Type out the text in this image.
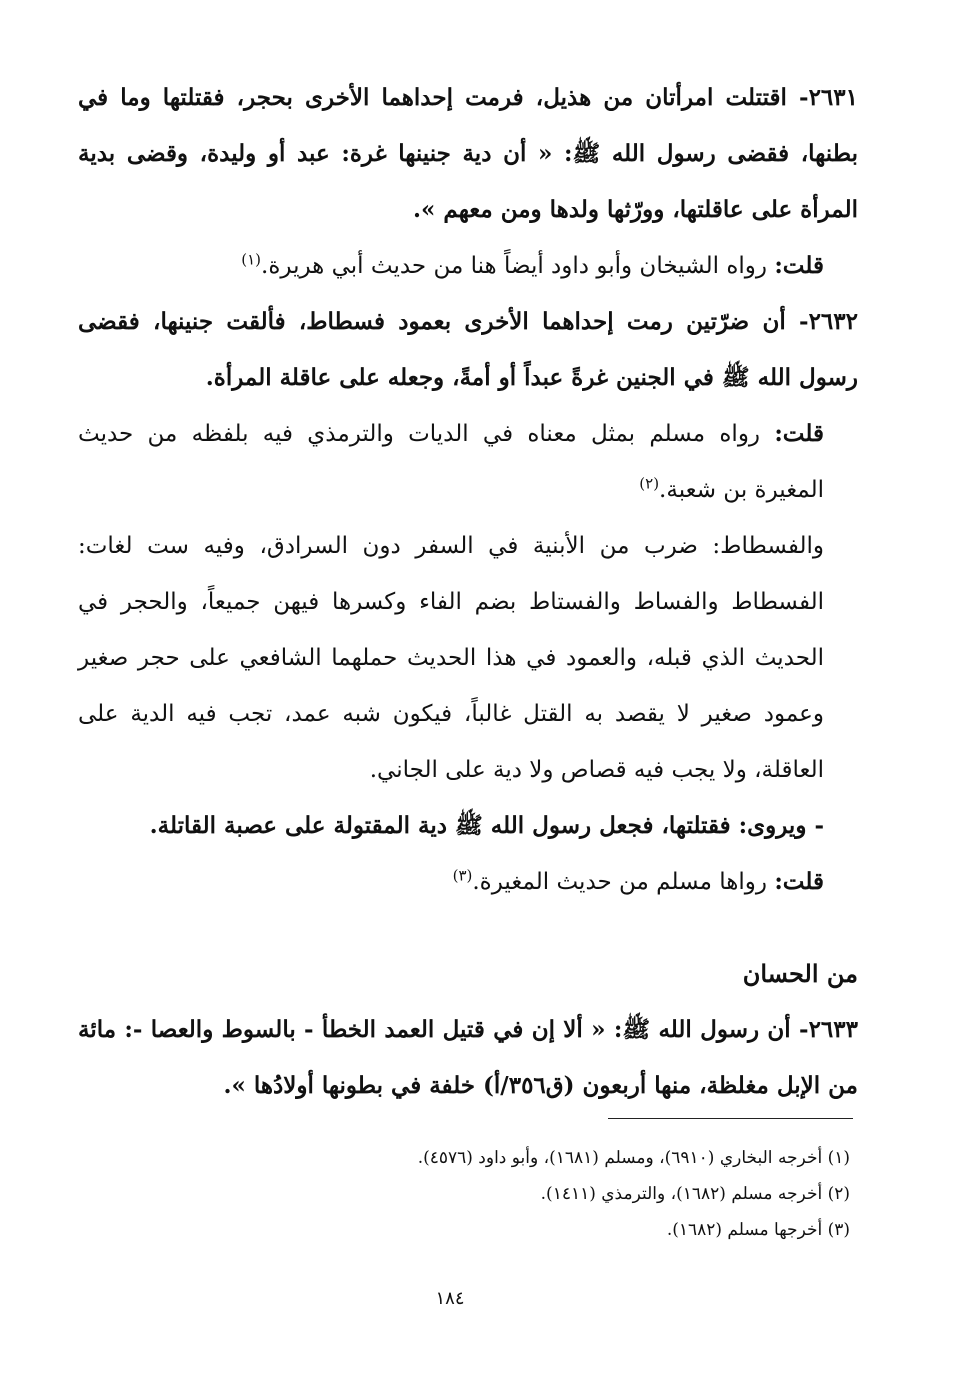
٢٦٣١- اقتتلت امرأتان من هذيل، فرمت إحداهما الأخرى بحجر، فقتلتها وما في بطنها، فقضى رسول الله ﷺ: « أن دية جنينها غرة: عبد أو وليدة، وقضى بدية المرأة على عاقلتها، وورّثها ولدها ومن معهم ».

قلت: رواه الشيخان وأبو داود أيضاً هنا من حديث أبي هريرة.$^{(١)}$

٢٦٣٢- أن ضرّتين رمت إحداهما الأخرى بعمود فسطاط، فألقت جنينها، فقضى رسول الله ﷺ في الجنين غرةً عبداً أو أمةً، وجعله على عاقلة المرأة.

قلت: رواه مسلم بمثل معناه في الديات والترمذي فيه بلفظه من حديث المغيرة بن شعبة.$^{(٢)}$

والفسطاط: ضرب من الأبنية في السفر دون السرادق، وفيه ست لغات: الفسطاط والفساط والفستاط بضم الفاء وكسرها فيهن جميعاً، والحجر في الحديث الذي قبله، والعمود في هذا الحديث حملهما الشافعي على حجر صغير وعمود صغير لا يقصد به القتل غالباً، فيكون شبه عمد، تجب فيه الدية على العاقلة، ولا يجب فيه قصاص ولا دية على الجاني.

- ويروى: فقتلتها، فجعل رسول الله ﷺ دية المقتولة على عصبة القاتلة.

قلت: رواها مسلم من حديث المغيرة.$^{(٣)}$

من الحسان

٢٦٣٣- أن رسول الله ﷺ: « ألا إن في قتيل العمد الخطأ - بالسوط والعصا -: مائة من الإبل مغلظة، منها أربعون (ق٣٥٦/أ) خلفة في بطونها أولادُها ».

(١) أخرجه البخاري (٦٩١٠)، ومسلم (١٦٨١)، وأبو داود (٤٥٧٦).

(٢) أخرجه مسلم (١٦٨٢)، والترمذي (١٤١١).

(٣) أخرجها مسلم (١٦٨٢).

١٨٤
